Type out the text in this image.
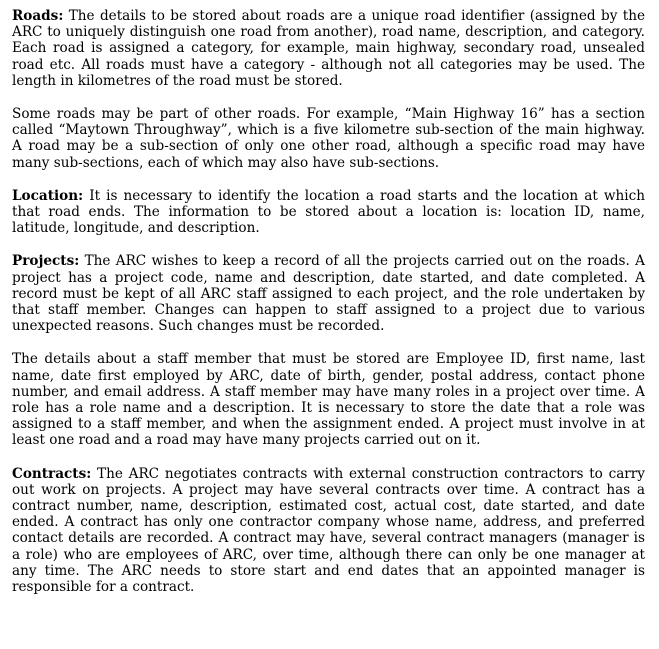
Roads: The details to be stored about roads are a unique road identifier (assigned by the ARC to uniquely distinguish one road from another), road name, description, and category. Each road is assigned a category, for example, main highway, secondary road, unsealed road etc. All roads must have a category - although not all categories may be used. The length in kilometres of the road must be stored.

Some roads may be part of other roads. For example, “Main Highway 16” has a section called “Maytown Throughway”, which is a five kilometre sub-section of the main highway. A road may be a sub-section of only one other road, although a specific road may have many sub-sections, each of which may also have sub-sections.

Location: It is necessary to identify the location a road starts and the location at which that road ends. The information to be stored about a location is: location ID, name, latitude, longitude, and description.

Projects: The ARC wishes to keep a record of all the projects carried out on the roads. A project has a project code, name and description, date started, and date completed. A record must be kept of all ARC staff assigned to each project, and the role undertaken by that staff member. Changes can happen to staff assigned to a project due to various unexpected reasons. Such changes must be recorded.

The details about a staff member that must be stored are Employee ID, first name, last name, date first employed by ARC, date of birth, gender, postal address, contact phone number, and email address. A staff member may have many roles in a project over time. A role has a role name and a description. It is necessary to store the date that a role was assigned to a staff member, and when the assignment ended. A project must involve in at least one road and a road may have many projects carried out on it.

Contracts: The ARC negotiates contracts with external construction contractors to carry out work on projects. A project may have several contracts over time. A contract has a contract number, name, description, estimated cost, actual cost, date started, and date ended. A contract has only one contractor company whose name, address, and preferred contact details are recorded. A contract may have, several contract managers (manager is a role) who are employees of ARC, over time, although there can only be one manager at any time. The ARC needs to store start and end dates that an appointed manager is responsible for a contract.
